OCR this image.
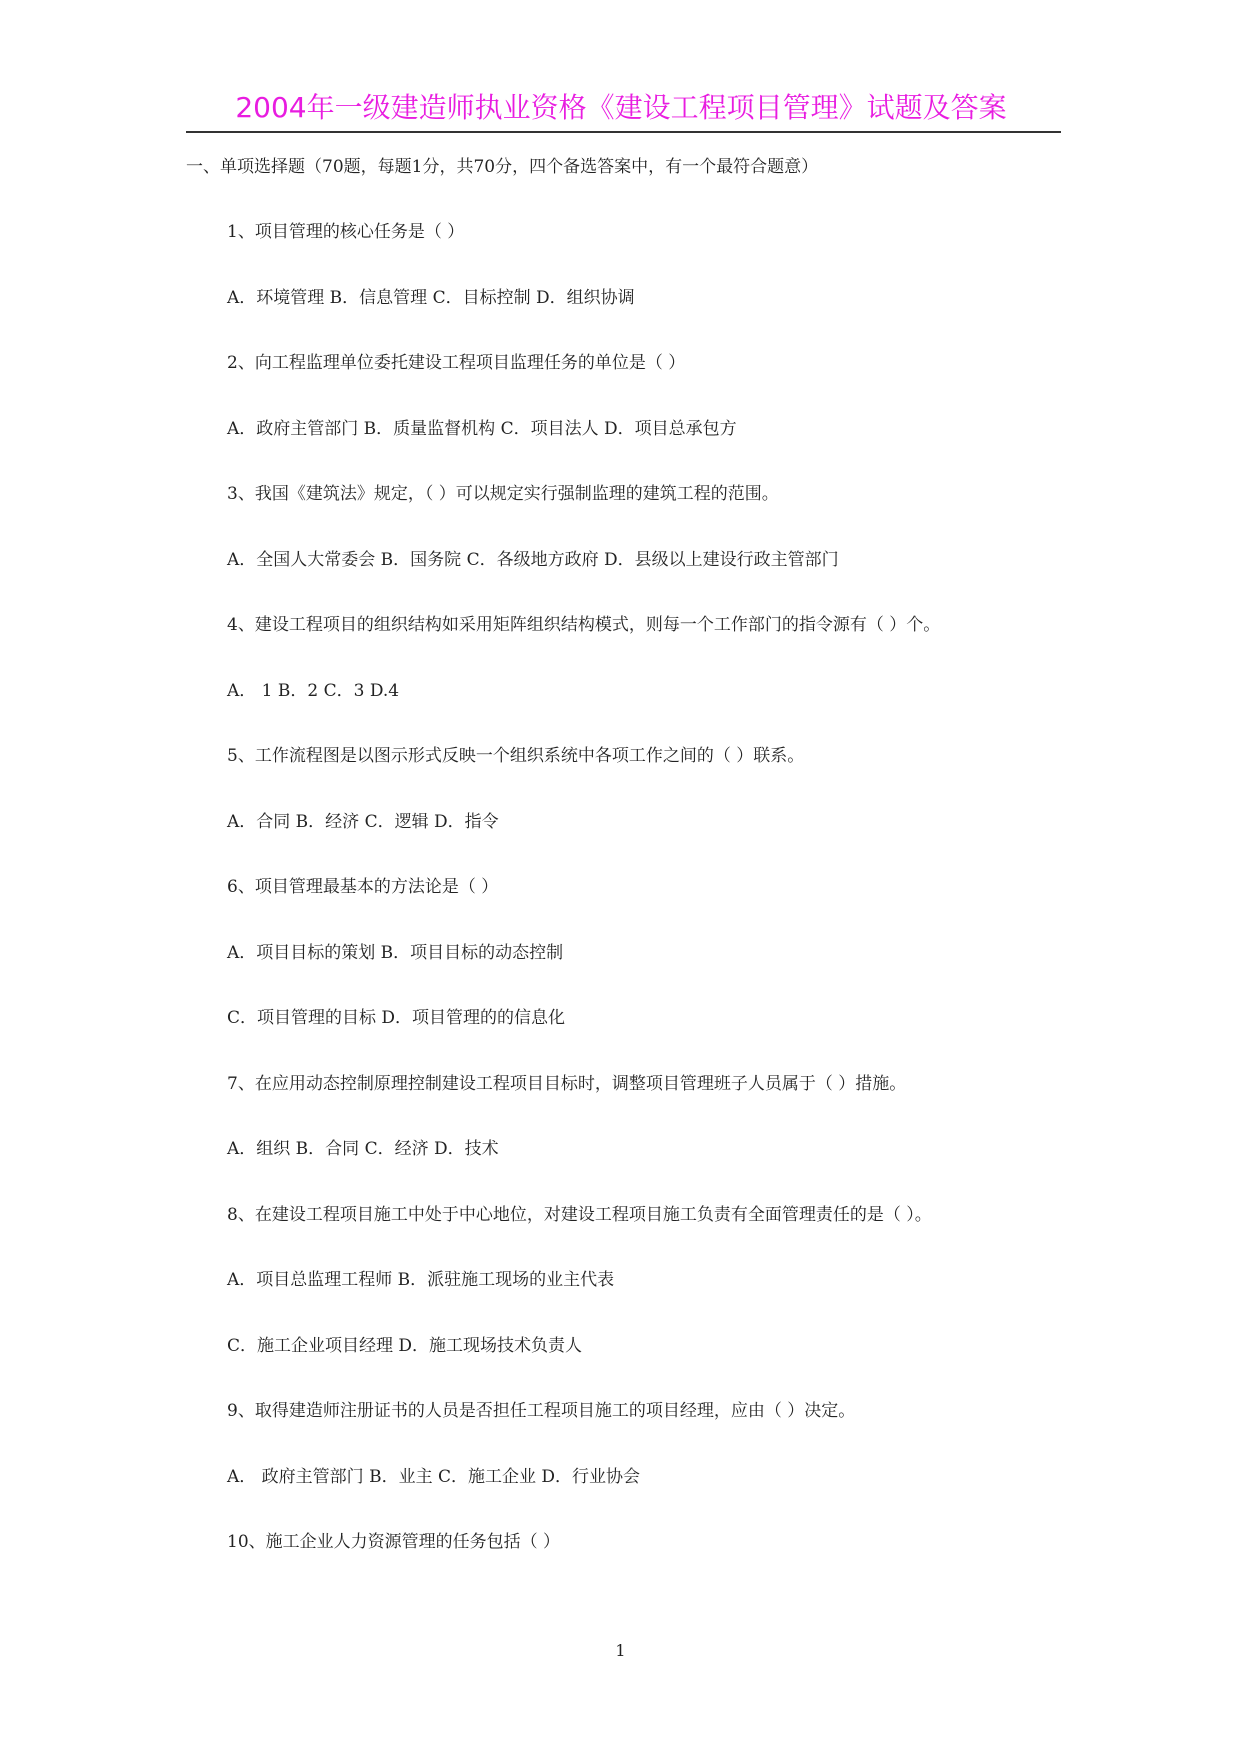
2004年一级建造师执业资格《建设工程项目管理》试题及答案
一、单项选择题（70题，每题1分，共70分，四个备选答案中，有一个最符合题意）
1、项目管理的核心任务是（ ）
A．环境管理 B．信息管理 C．目标控制 D．组织协调
2、向工程监理单位委托建设工程项目监理任务的单位是（ ）
A．政府主管部门 B．质量监督机构 C．项目法人 D．项目总承包方
3、我国《建筑法》规定，（ ）可以规定实行强制监理的建筑工程的范围。
A．全国人大常委会 B．国务院 C．各级地方政府 D．县级以上建设行政主管部门
4、建设工程项目的组织结构如采用矩阵组织结构模式，则每一个工作部门的指令源有（ ）个。
A． 1 B．2 C．3 D.4
5、工作流程图是以图示形式反映一个组织系统中各项工作之间的（ ）联系。
A．合同 B．经济 C．逻辑 D．指令
6、项目管理最基本的方法论是（ ）
A．项目目标的策划 B．项目目标的动态控制
C．项目管理的目标 D．项目管理的的信息化
7、在应用动态控制原理控制建设工程项目目标时，调整项目管理班子人员属于（ ）措施。
A．组织 B．合同 C．经济 D．技术
8、在建设工程项目施工中处于中心地位，对建设工程项目施工负责有全面管理责任的是（ ）。
A．项目总监理工程师 B．派驻施工现场的业主代表
C．施工企业项目经理 D．施工现场技术负责人
9、取得建造师注册证书的人员是否担任工程项目施工的项目经理，应由（ ）决定。
A． 政府主管部门 B．业主 C．施工企业 D．行业协会
10、施工企业人力资源管理的任务包括（ ）
1
